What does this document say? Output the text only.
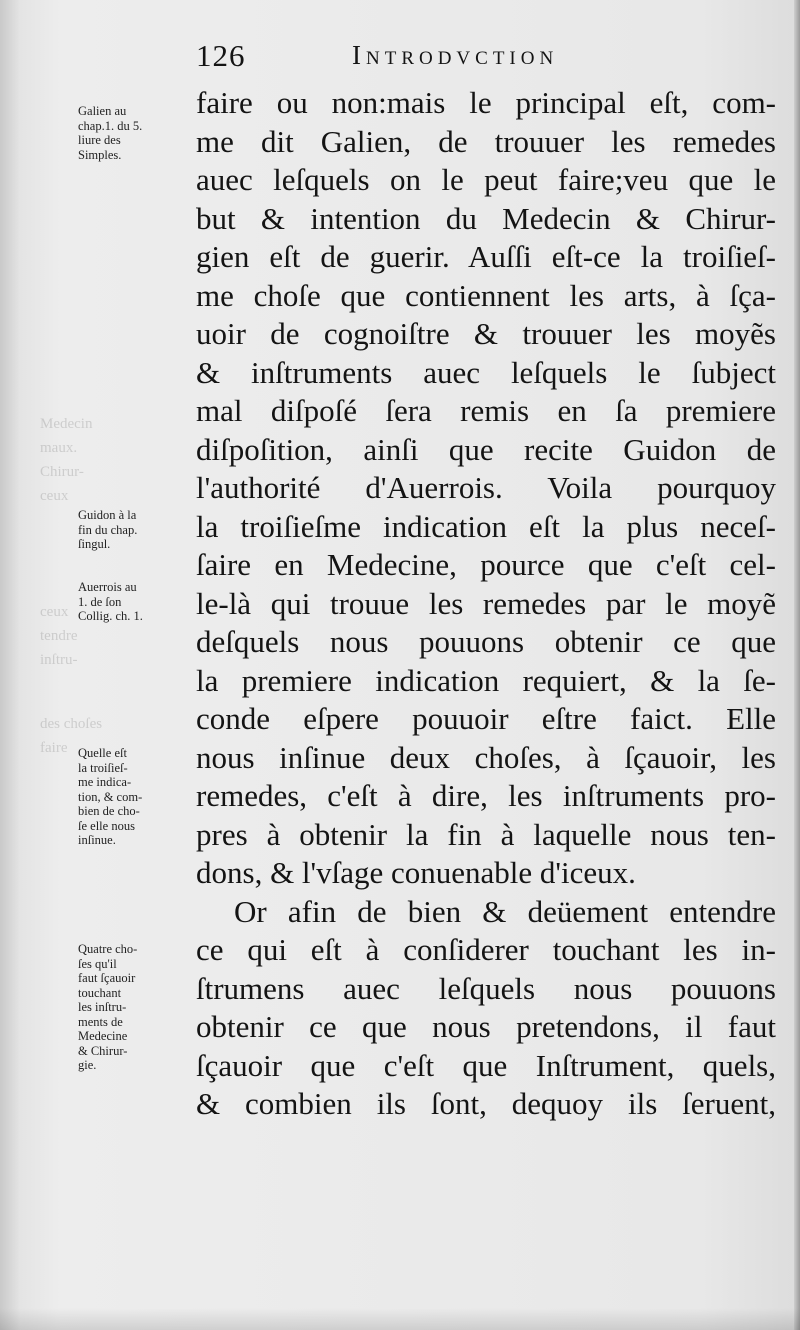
Medecin
maux.
Chirur-
ceux
ceux
tendre
inſtru-
des choſes
faire
126	Introdvction
Galien au
chap.1. du 5.
liure des
Simples.
Guidon à la
fin du chap.
ſingul.
Auerrois au
1. de ſon
Collig. ch. 1.
Quelle eſt
la troiſieſ-
me indica-
tion, & com-
bien de cho-
ſe elle nous
inſinue.
Quatre cho-
ſes qu'il
faut ſçauoir
touchant
les inſtru-
ments de
Medecine
& Chirur-
gie.
faire ou non:mais le principal eſt, com-
me dit Galien, de trouuer les remedes
auec leſquels on le peut faire;veu que le
but & intention du Medecin & Chirur-
gien eſt de guerir. Auſſi eſt-ce la troiſieſ-
me choſe que contiennent les arts, à ſça-
uoir de cognoiſtre & trouuer les moyẽs
& inſtruments auec leſquels le ſubject
mal diſpoſé ſera remis en ſa premiere
diſpoſition, ainſi que recite Guidon de
l'authorité d'Auerrois. Voila pourquoy
la troiſieſme indication eſt la plus neceſ-
ſaire en Medecine, pource que c'eſt cel-
le-là qui trouue les remedes par le moyẽ
deſquels nous pouuons obtenir ce que
la premiere indication requiert, & la ſe-
conde eſpere pouuoir eſtre faict. Elle
nous inſinue deux choſes, à ſçauoir, les
remedes, c'eſt à dire, les inſtruments pro-
pres à obtenir la fin à laquelle nous ten-
dons, & l'vſage conuenable d'iceux.
Or afin de bien & deüement entendre
ce qui eſt à conſiderer touchant les in-
ſtrumens auec leſquels nous pouuons
obtenir ce que nous pretendons, il faut
ſçauoir que c'eſt que Inſtrument, quels,
& combien ils ſont, dequoy ils ſeruent,
